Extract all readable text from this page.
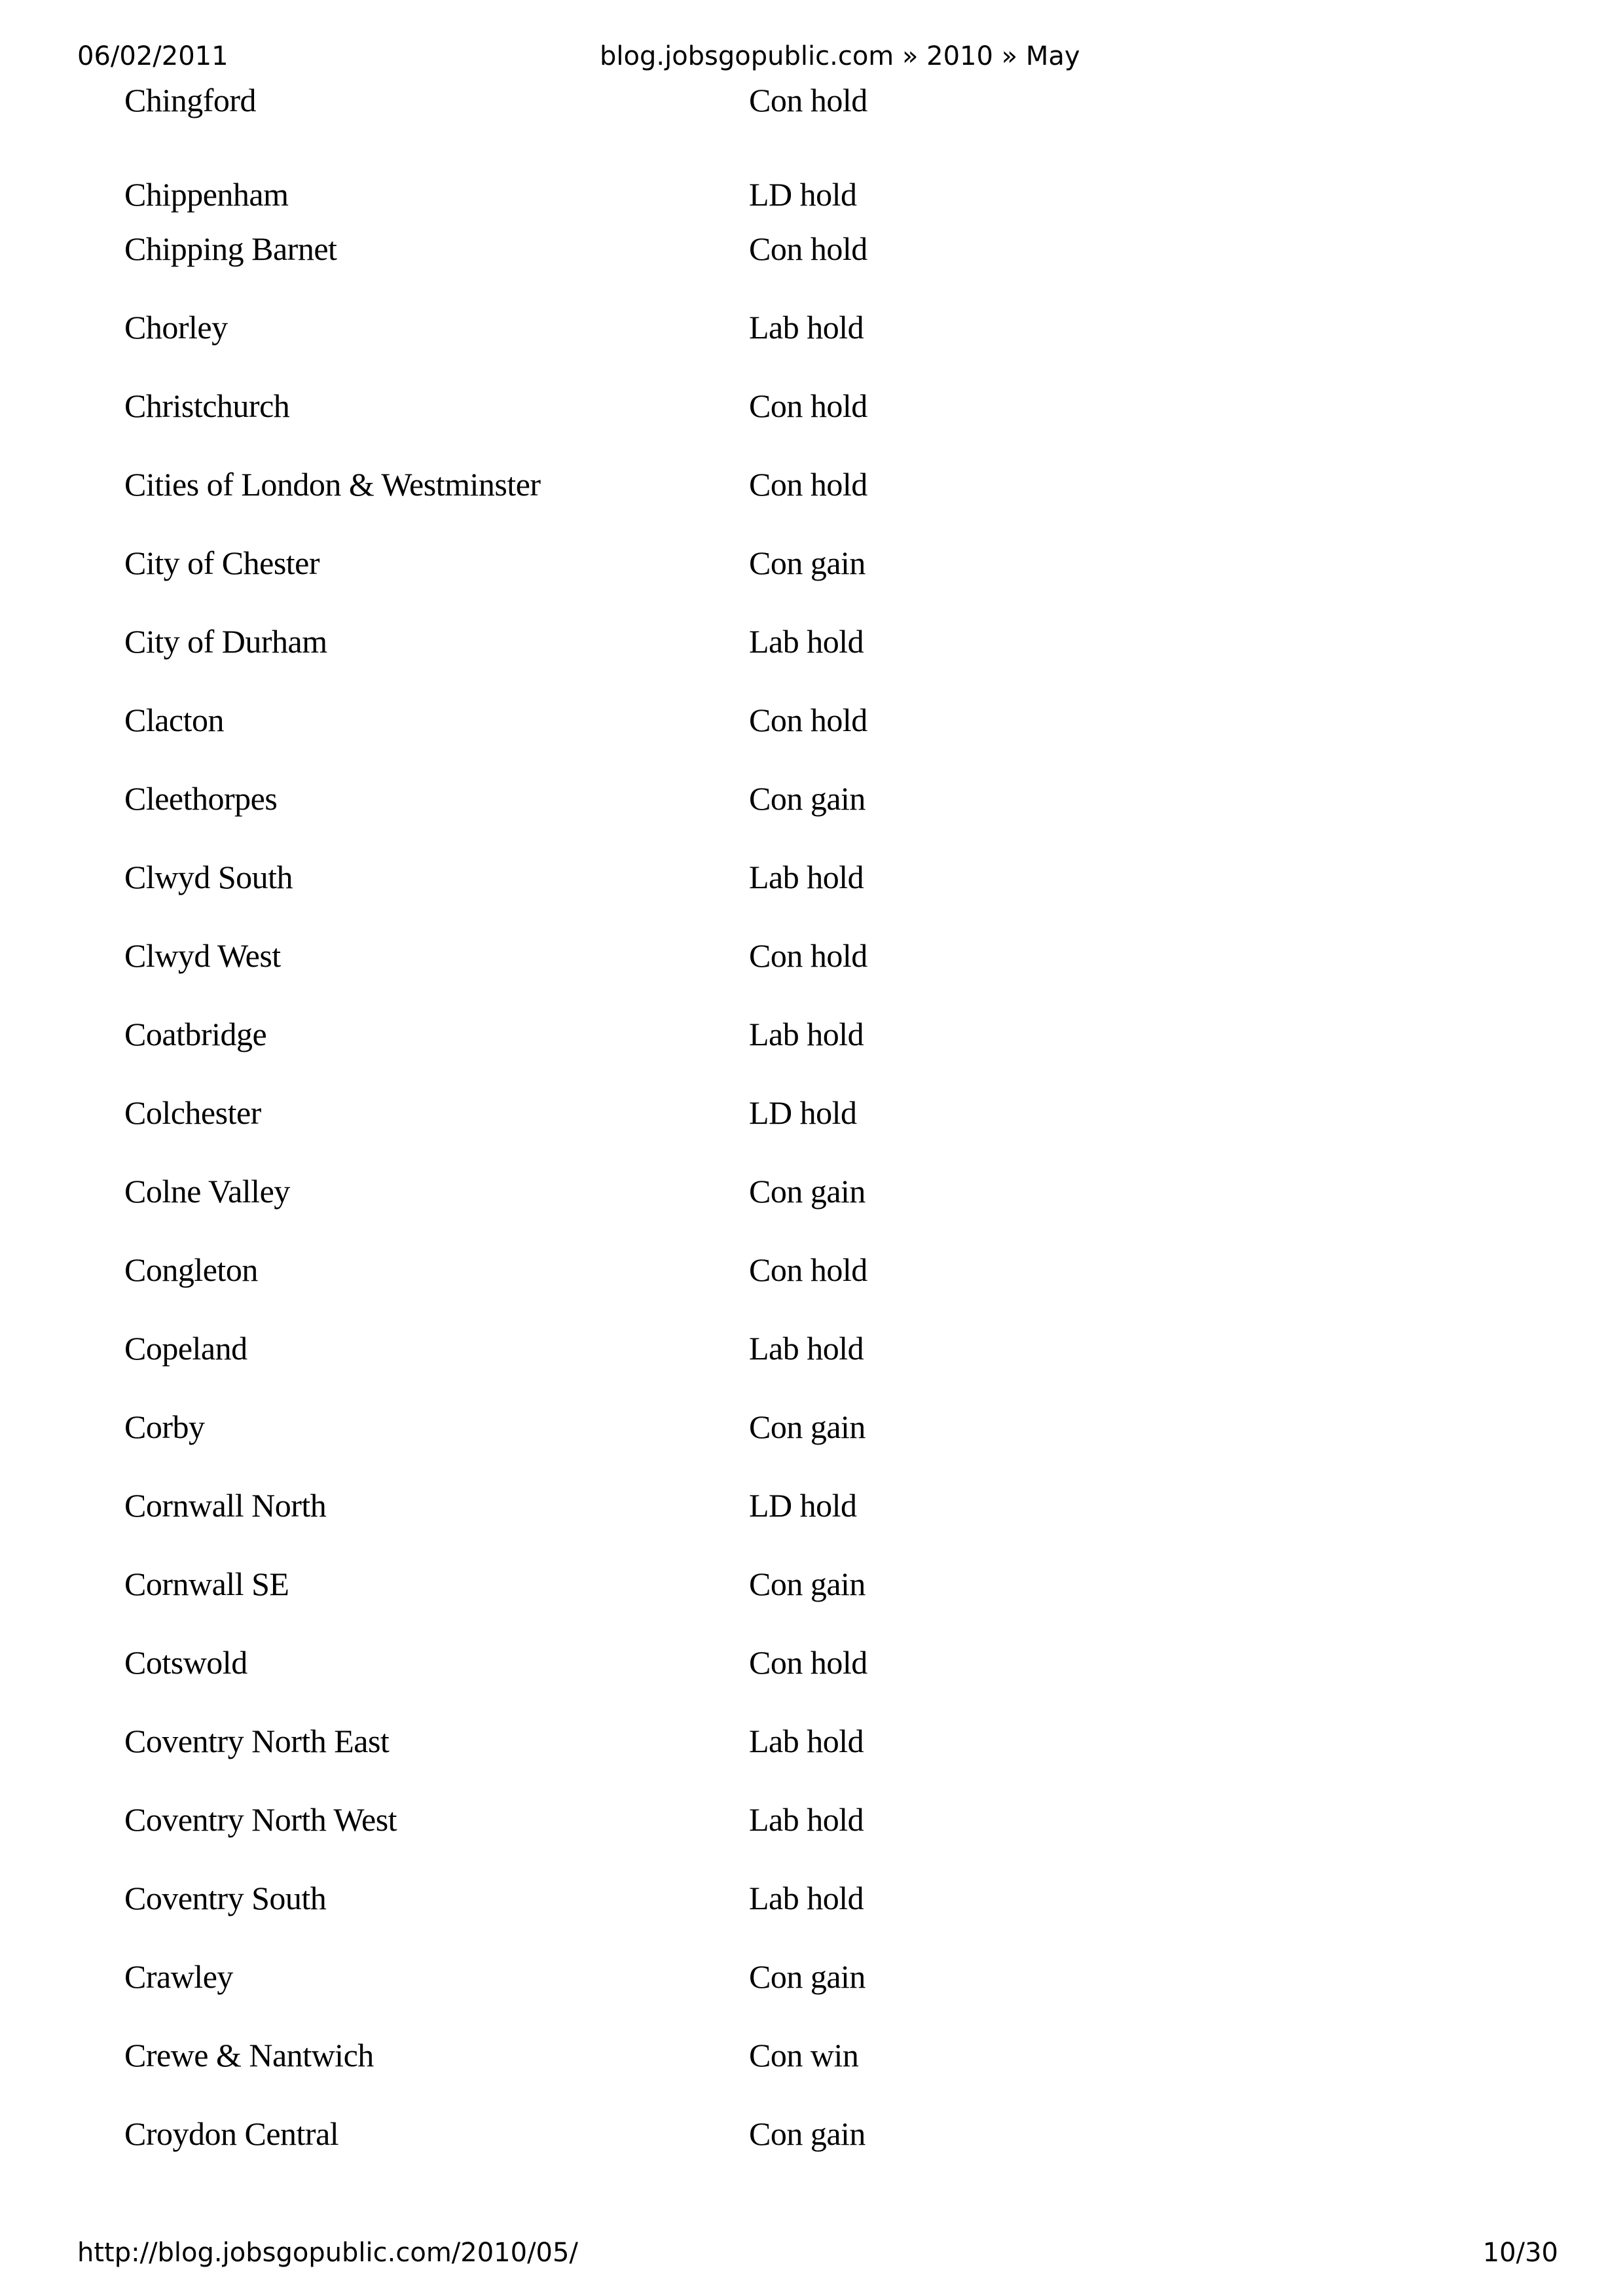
06/02/2011	blog.jobsgopublic.com » 2010 » May
Chingford	Con hold
Chippenham	LD hold
Chipping Barnet	Con hold
Chorley	Lab hold
Christchurch	Con hold
Cities of London & Westminster	Con hold
City of Chester	Con gain
City of Durham	Lab hold
Clacton	Con hold
Cleethorpes	Con gain
Clwyd South	Lab hold
Clwyd West	Con hold
Coatbridge	Lab hold
Colchester	LD hold
Colne Valley	Con gain
Congleton	Con hold
Copeland	Lab hold
Corby	Con gain
Cornwall North	LD hold
Cornwall SE	Con gain
Cotswold	Con hold
Coventry North East	Lab hold
Coventry North West	Lab hold
Coventry South	Lab hold
Crawley	Con gain
Crewe & Nantwich	Con win
Croydon Central	Con gain
http://blog.jobsgopublic.com/2010/05/	10/30
